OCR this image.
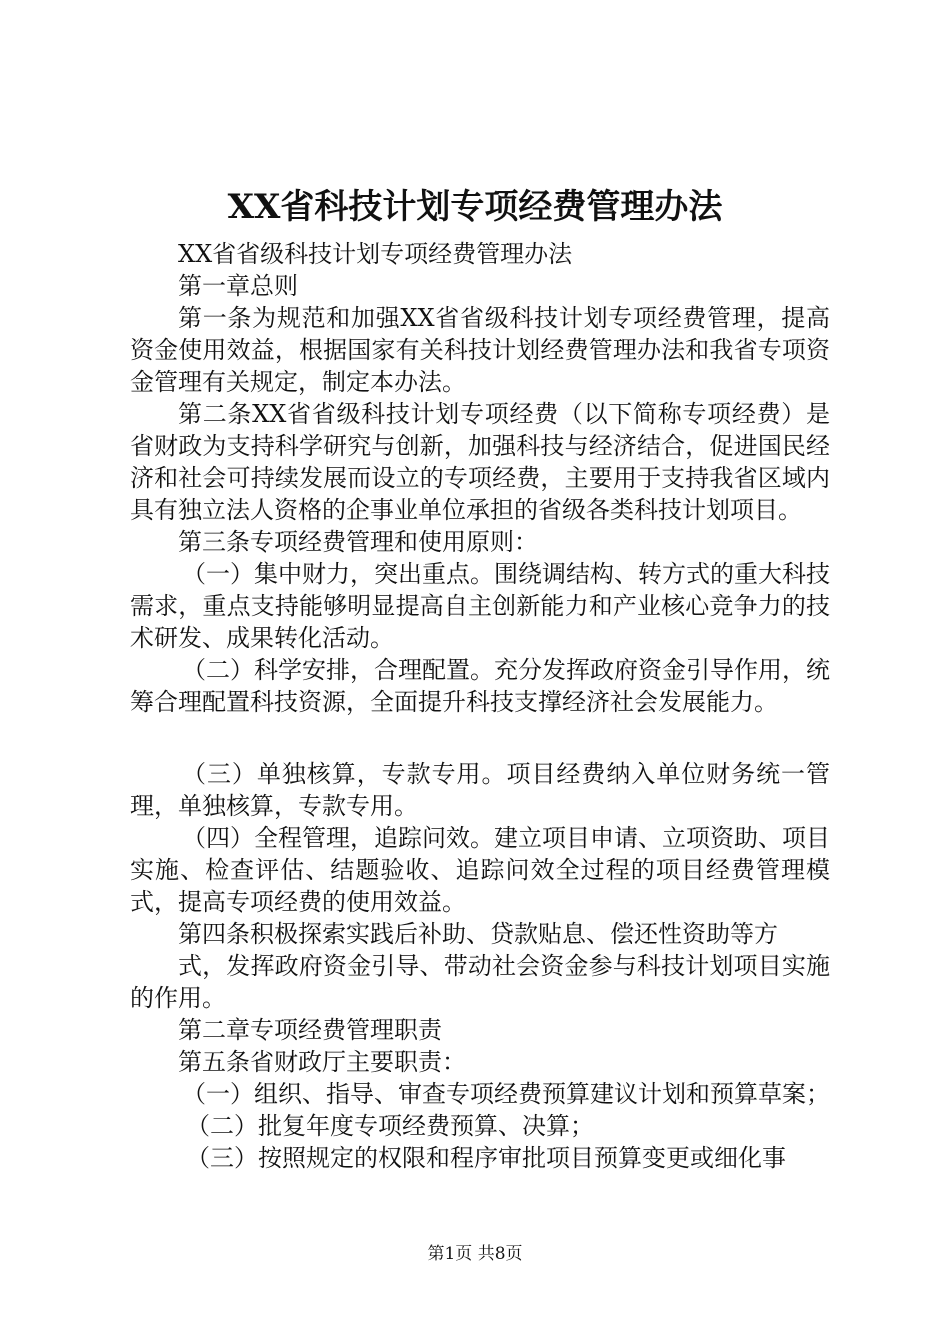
XX省科技计划专项经费管理办法

XX省省级科技计划专项经费管理办法

第一章总则

第一条为规范和加强XX省省级科技计划专项经费管理，提高资金使用效益，根据国家有关科技计划经费管理办法和我省专项资金管理有关规定，制定本办法。

第二条XX省省级科技计划专项经费（以下简称专项经费）是省财政为支持科学研究与创新，加强科技与经济结合，促进国民经济和社会可持续发展而设立的专项经费，主要用于支持我省区域内具有独立法人资格的企事业单位承担的省级各类科技计划项目。

第三条专项经费管理和使用原则：

（一）集中财力，突出重点。围绕调结构、转方式的重大科技需求，重点支持能够明显提高自主创新能力和产业核心竞争力的技术研发、成果转化活动。

（二）科学安排，合理配置。充分发挥政府资金引导作用，统筹合理配置科技资源，全面提升科技支撑经济社会发展能力。

（三）单独核算，专款专用。项目经费纳入单位财务统一管理，单独核算，专款专用。

（四）全程管理，追踪问效。建立项目申请、立项资助、项目实施、检查评估、结题验收、追踪问效全过程的项目经费管理模式，提高专项经费的使用效益。

第四条积极探索实践后补助、贷款贴息、偿还性资助等方

式，发挥政府资金引导、带动社会资金参与科技计划项目实施的作用。

第二章专项经费管理职责

第五条省财政厅主要职责：

（一）组织、指导、审查专项经费预算建议计划和预算草案；

（二）批复年度专项经费预算、决算；

（三）按照规定的权限和程序审批项目预算变更或细化事

第1页 共8页
